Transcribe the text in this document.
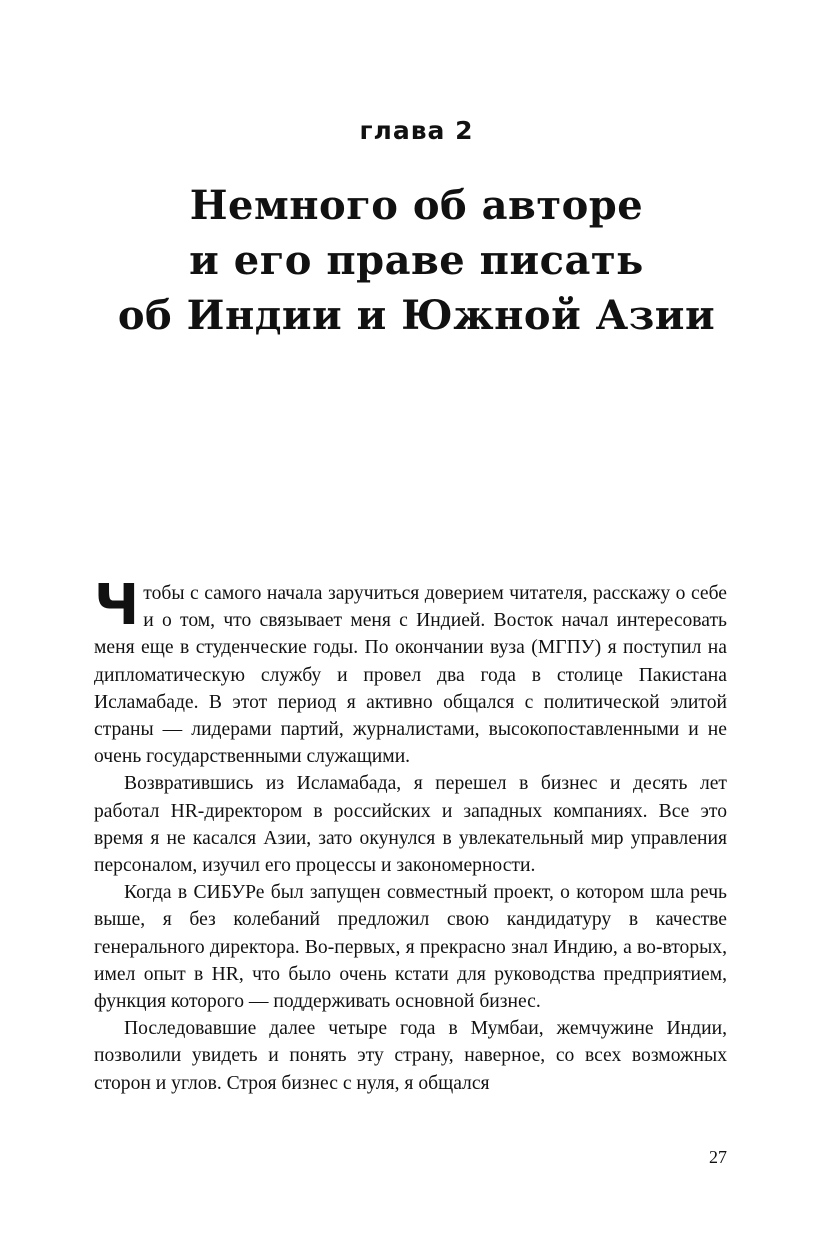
глава 2
Немного об авторе
и его праве писать
об Индии и Южной Азии

Чтобы с самого начала заручиться доверием читателя, расскажу о себе и о том, что связывает меня с Индией. Восток начал интересовать меня еще в студенческие годы. По окончании вуза (МГПУ) я поступил на дипломатическую службу и провел два года в столице Пакистана Исламабаде. В этот период я активно общался с политической элитой страны — лидерами партий, журналистами, высокопоставленными и не очень государственными служащими.

Возвратившись из Исламабада, я перешел в бизнес и десять лет работал HR-директором в российских и западных компаниях. Все это время я не касался Азии, зато окунулся в увлекательный мир управления персоналом, изучил его процессы и закономерности.

Когда в СИБУРе был запущен совместный проект, о котором шла речь выше, я без колебаний предложил свою кандидатуру в качестве генерального директора. Во-первых, я прекрасно знал Индию, а во-вторых, имел опыт в HR, что было очень кстати для руководства предприятием, функция которого — поддерживать основной бизнес.

Последовавшие далее четыре года в Мумбаи, жемчужине Индии, позволили увидеть и понять эту страну, наверное, со всех возможных сторон и углов. Строя бизнес с нуля, я общался

27
